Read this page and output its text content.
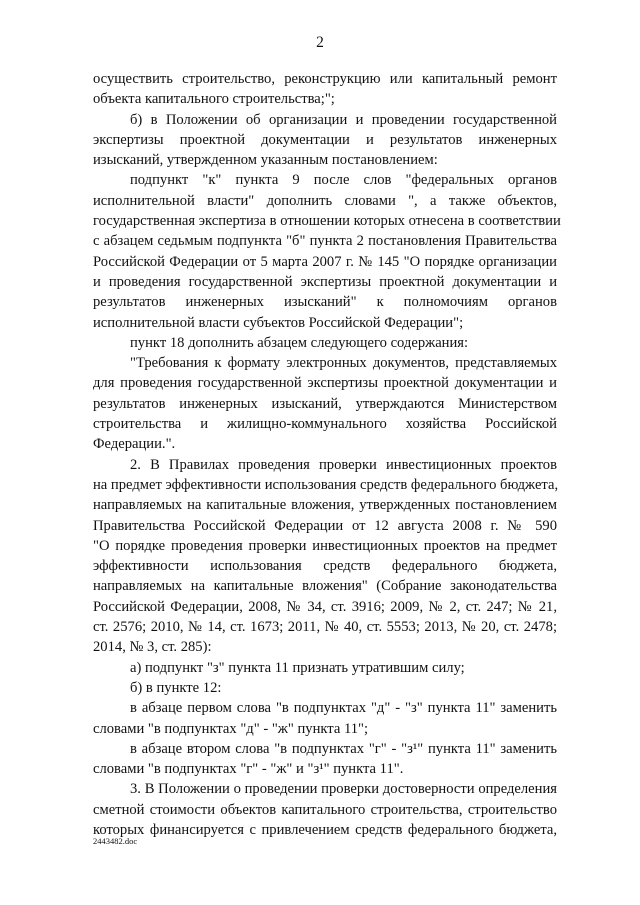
2
осуществить строительство, реконструкцию или капитальный ремонт
объекта капитального строительства;";
б) в Положении об организации и проведении государственной
экспертизы проектной документации и результатов инженерных
изысканий, утвержденном указанным постановлением:
подпункт "к" пункта 9 после слов "федеральных органов
исполнительной власти" дополнить словами ", а также объектов,
государственная экспертиза в отношении которых отнесена в соответствии
с абзацем седьмым подпункта "б" пункта 2 постановления Правительства
Российской Федерации от 5 марта 2007 г. № 145 "О порядке организации
и проведения государственной экспертизы проектной документации и
результатов инженерных изысканий" к полномочиям органов
исполнительной власти субъектов Российской Федерации";
пункт 18 дополнить абзацем следующего содержания:
"Требования к формату электронных документов, представляемых
для проведения государственной экспертизы проектной документации и
результатов инженерных изысканий, утверждаются Министерством
строительства и жилищно-коммунального хозяйства Российской
Федерации.".
2. В Правилах проведения проверки инвестиционных проектов
на предмет эффективности использования средств федерального бюджета,
направляемых на капитальные вложения, утвержденных постановлением
Правительства Российской Федерации от 12 августа 2008 г. № 590
"О порядке проведения проверки инвестиционных проектов на предмет
эффективности использования средств федерального бюджета,
направляемых на капитальные вложения" (Собрание законодательства
Российской Федерации, 2008, № 34, ст. 3916; 2009, № 2, ст. 247; № 21,
ст. 2576; 2010, № 14, ст. 1673; 2011, № 40, ст. 5553; 2013, № 20, ст. 2478;
2014, № 3, ст. 285):
а) подпункт "з" пункта 11 признать утратившим силу;
б) в пункте 12:
в абзаце первом слова "в подпунктах "д" - "з" пункта 11" заменить
словами "в подпунктах "д" - "ж" пункта 11";
в абзаце втором слова "в подпунктах "г" - "з¹" пункта 11" заменить
словами "в подпунктах "г" - "ж" и "з¹" пункта 11".
3. В Положении о проведении проверки достоверности определения
сметной стоимости объектов капитального строительства, строительство
которых финансируется с привлечением средств федерального бюджета,
2443482.doc
